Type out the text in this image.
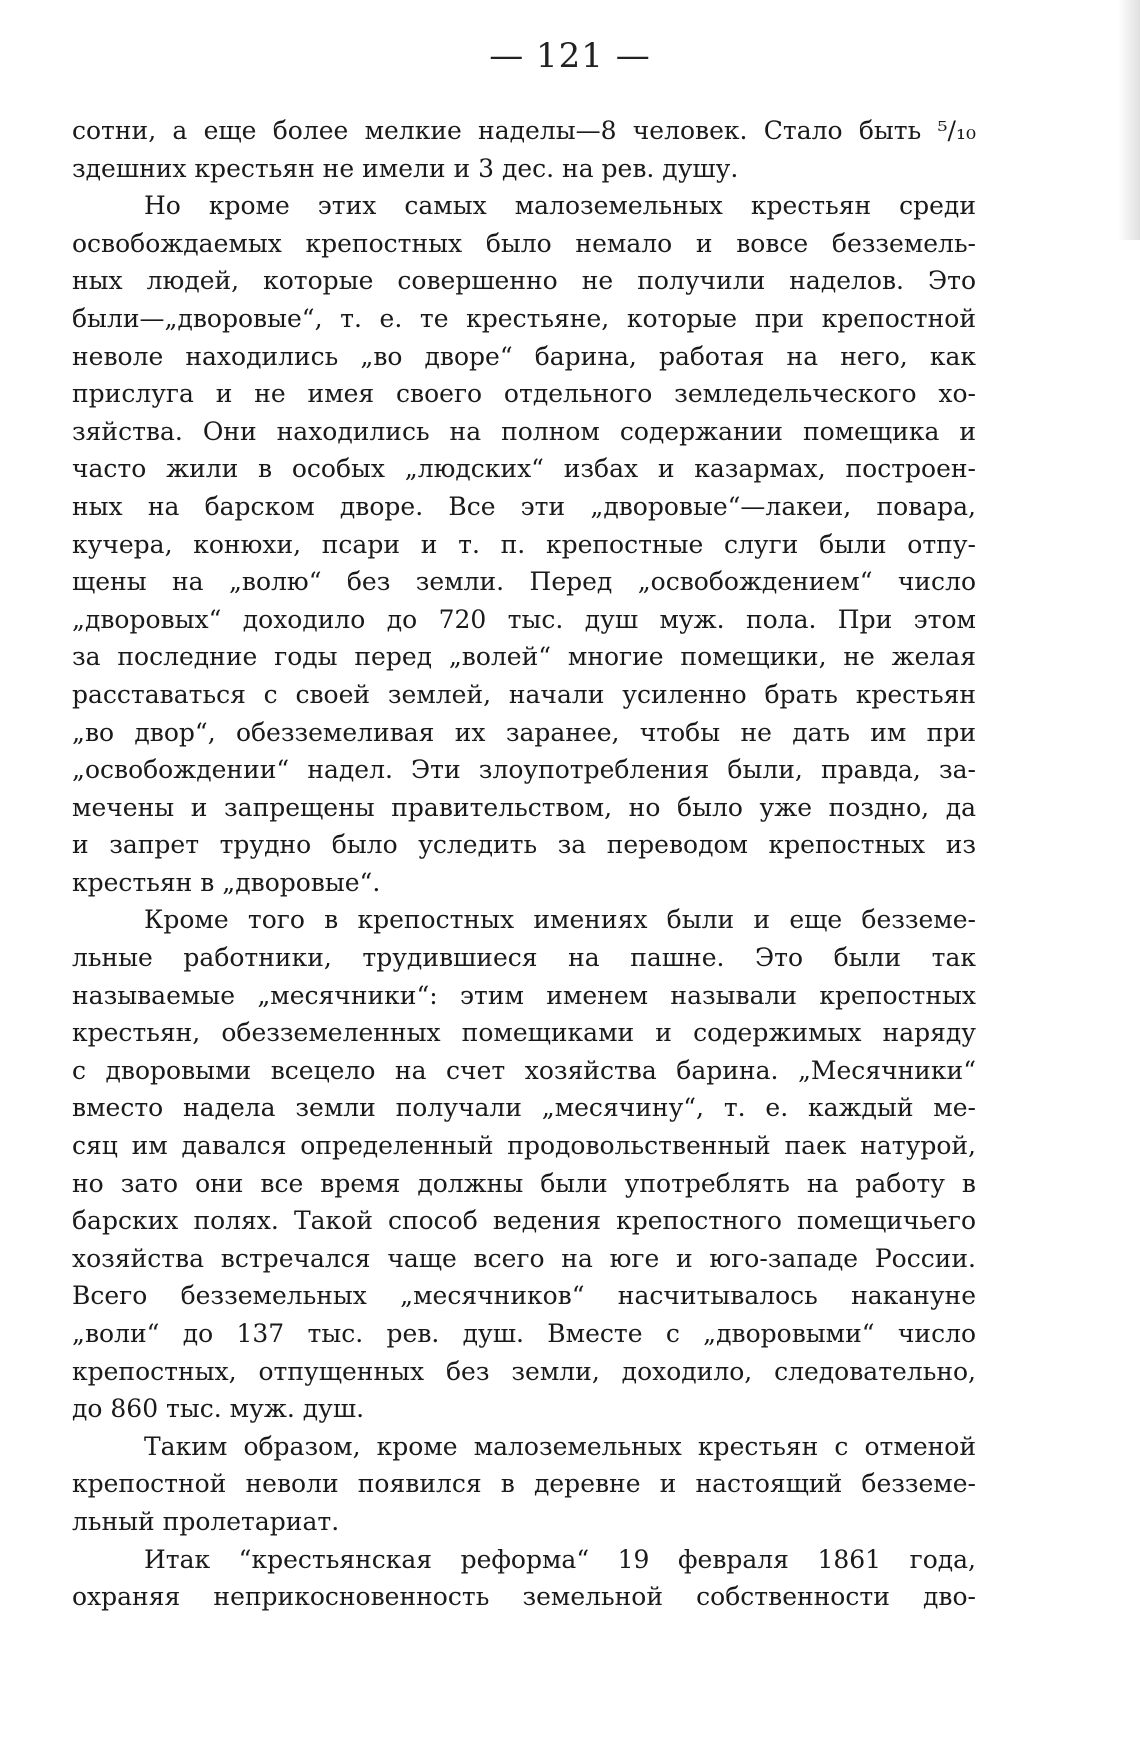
— 121 —
сотни, а еще более мелкие наделы—8 человек. Стало быть ⁵/₁₀
здешних крестьян не имели и 3 дес. на рев. душу.
Но кроме этих самых малоземельных крестьян среди
освобождаемых крепостных было немало и вовсе безземель-
ных людей, которые совершенно не получили наделов. Это
были—„дворовые“, т. е. те крестьяне, которые при крепостной
неволе находились „во дворе“ барина, работая на него, как
прислуга и не имея своего отдельного земледельческого хо-
зяйства. Они находились на полном содержании помещика и
часто жили в особых „людских“ избах и казармах, построен-
ных на барском дворе. Все эти „дворовые“—лакеи, повара,
кучера, конюхи, псари и т. п. крепостные слуги были отпу-
щены на „волю“ без земли. Перед „освобождением“ число
„дворовых“ доходило до 720 тыс. душ муж. пола. При этом
за последние годы перед „волей“ многие помещики, не желая
расставаться с своей землей, начали усиленно брать крестьян
„во двор“, обезземеливая их заранее, чтобы не дать им при
„освобождении“ надел. Эти злоупотребления были, правда, за-
мечены и запрещены правительством, но было уже поздно, да
и запрет трудно было уследить за переводом крепостных из
крестьян в „дворовые“.
Кроме того в крепостных имениях были и еще безземе-
льные работники, трудившиеся на пашне. Это были так
называемые „месячники“: этим именем называли крепостных
крестьян, обезземеленных помещиками и содержимых наряду
с дворовыми всецело на счет хозяйства барина. „Месячники“
вместо надела земли получали „месячину“, т. е. каждый ме-
сяц им давался определенный продовольственный паек натурой,
но зато они все время должны были употреблять на работу в
барских полях. Такой способ ведения крепостного помещичьего
хозяйства встречался чаще всего на юге и юго-западе России.
Всего безземельных „месячников“ насчитывалось накануне
„воли“ до 137 тыс. рев. душ. Вместе с „дворовыми“ число
крепостных, отпущенных без земли, доходило, следовательно,
до 860 тыс. муж. душ.
Таким образом, кроме малоземельных крестьян с отменой
крепостной неволи появился в деревне и настоящий безземе-
льный пролетариат.
Итак “крестьянская реформа“ 19 февраля 1861 года,
охраняя неприкосновенность земельной собственности дво-
